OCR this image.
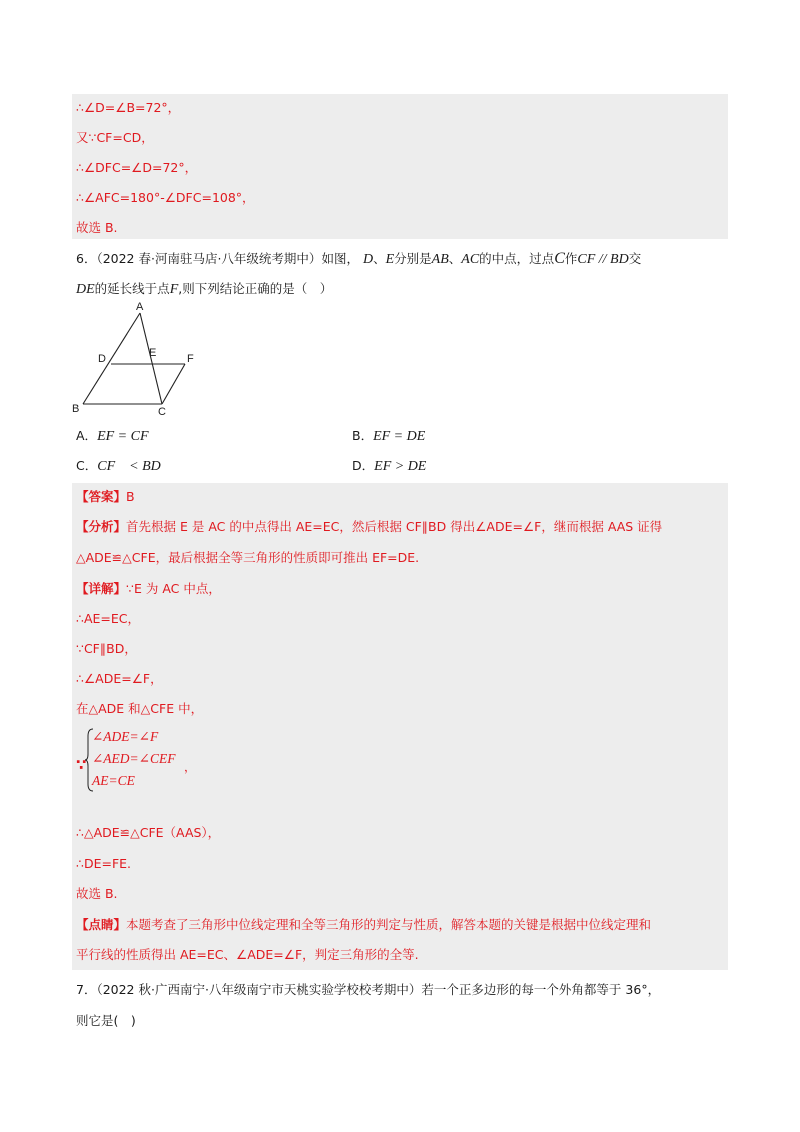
∴∠D=∠B=72°，
又∵CF=CD，
∴∠DFC=∠D=72°，
∴∠AFC=180°-∠DFC=108°，
故选 B.
6．（2022 春·河南驻马店·八年级统考期中）如图， D、E分别是AB、AC的中点，过点C作CF // BD交
DE的延长线于点F,则下列结论正确的是（　）
A
D	E	F
B	C
A．EF = CF	B．EF = DE
C．CF　< BD	D．EF > DE
【答案】B
【分析】首先根据 E 是 AC 的中点得出 AE=EC，然后根据 CF∥BD 得出∠ADE=∠F，继而根据 AAS 证得
△ADE≌△CFE，最后根据全等三角形的性质即可推出 EF=DE.
【详解】∵E 为 AC 中点，
∴AE=EC，
∵CF∥BD，
∴∠ADE=∠F，
在△ADE 和△CFE 中，
∵
∠ADE=∠F
∠AED=∠CEF
AE=CE
，
∴△ADE≌△CFE（AAS），
∴DE=FE.
故选 B.
【点睛】本题考查了三角形中位线定理和全等三角形的判定与性质，解答本题的关键是根据中位线定理和
平行线的性质得出 AE=EC、∠ADE=∠F，判定三角形的全等.
7．（2022 秋·广西南宁·八年级南宁市天桃实验学校校考期中）若一个正多边形的每一个外角都等于 36°，
则它是(　)
